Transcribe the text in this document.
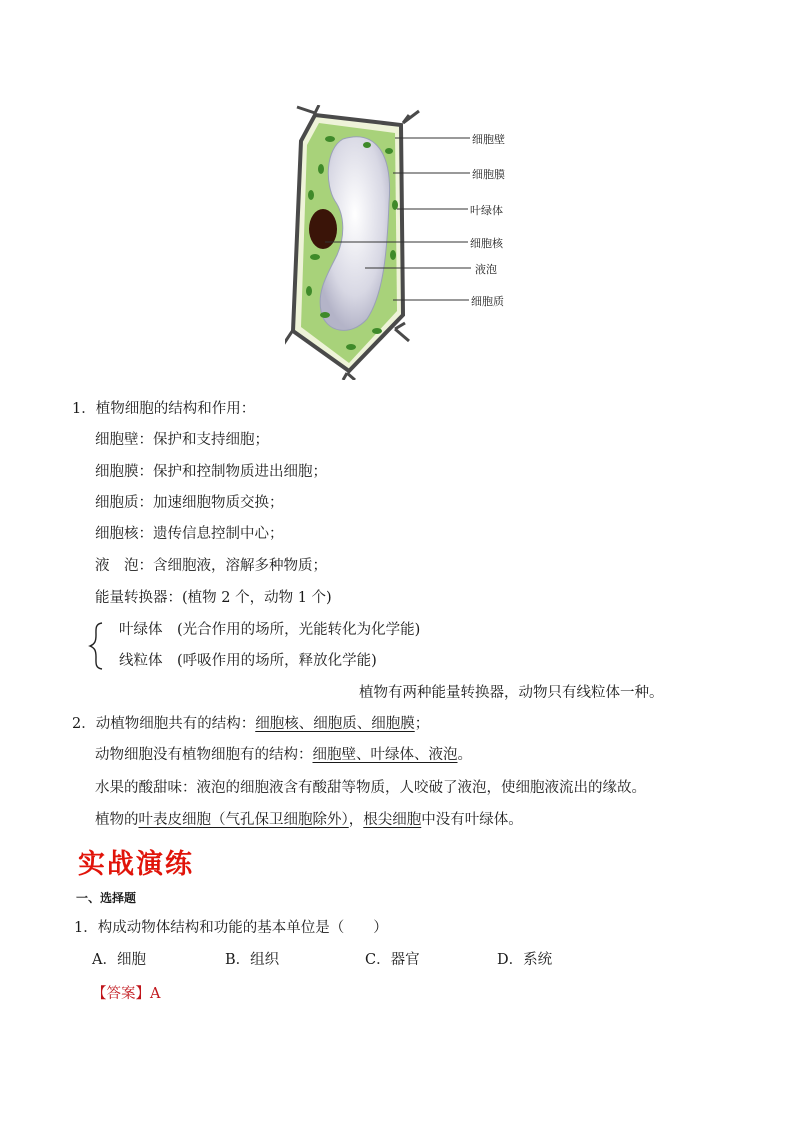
细胞壁
细胞膜
叶绿体
细胞核
液泡
细胞质
1．植物细胞的结构和作用：
细胞壁：保护和支持细胞；
细胞膜：保护和控制物质进出细胞；
细胞质：加速细胞物质交换；
细胞核：遗传信息控制中心；
液　泡：含细胞液，溶解多种物质；
能量转换器：(植物 2 个，动物 1 个)
叶绿体　(光合作用的场所，光能转化为化学能)
线粒体　(呼吸作用的场所，释放化学能)
植物有两种能量转换器，动物只有线粒体一种。
2．动植物细胞共有的结构：细胞核、细胞质、细胞膜；
动物细胞没有植物细胞有的结构：细胞壁、叶绿体、液泡。
水果的酸甜味：液泡的细胞液含有酸甜等物质，人咬破了液泡，使细胞液流出的缘故。
植物的叶表皮细胞（气孔保卫细胞除外），根尖细胞中没有叶绿体。
实战演练
一、选择题
1．构成动物体结构和功能的基本单位是（　　）
A．细胞	B．组织	C．器官	D．系统
【答案】A
